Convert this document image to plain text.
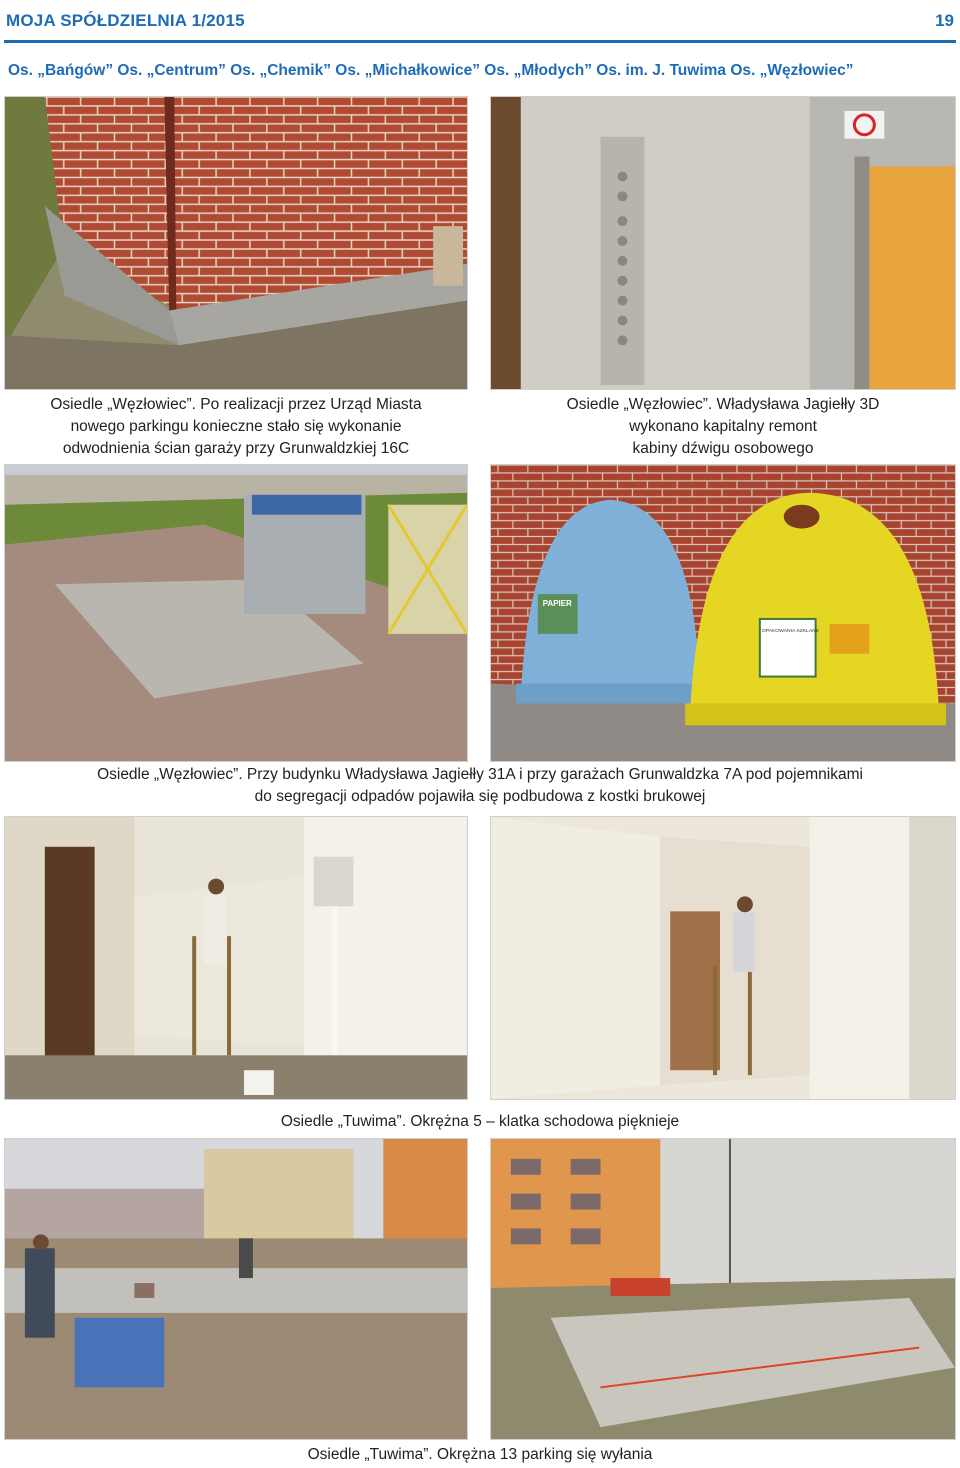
MOJA SPÓŁDZIELNIA 1/2015	19
Os. „Bańgów” Os. „Centrum” Os. „Chemik” Os. „Michałkowice” Os. „Młodych” Os. im. J. Tuwima Os. „Węzłowiec”
Osiedle „Węzłowiec”. Po realizacji przez Urząd Miasta
nowego parkingu konieczne stało się wykonanie
odwodnienia ścian garaży przy Grunwaldzkiej 16C
Osiedle „Węzłowiec”. Władysława Jagiełły 3D
wykonano kapitalny remont
kabiny dźwigu osobowego
PAPIER
OPAKOWANIA SZKLANE
Osiedle „Węzłowiec”. Przy budynku Władysława Jagiełły 31A i przy garażach Grunwaldzka 7A pod pojemnikami
do segregacji odpadów pojawiła się podbudowa z kostki brukowej
Osiedle „Tuwima”. Okrężna 5 – klatka schodowa pięknieje
Osiedle „Tuwima”. Okrężna 13 parking się wyłania
